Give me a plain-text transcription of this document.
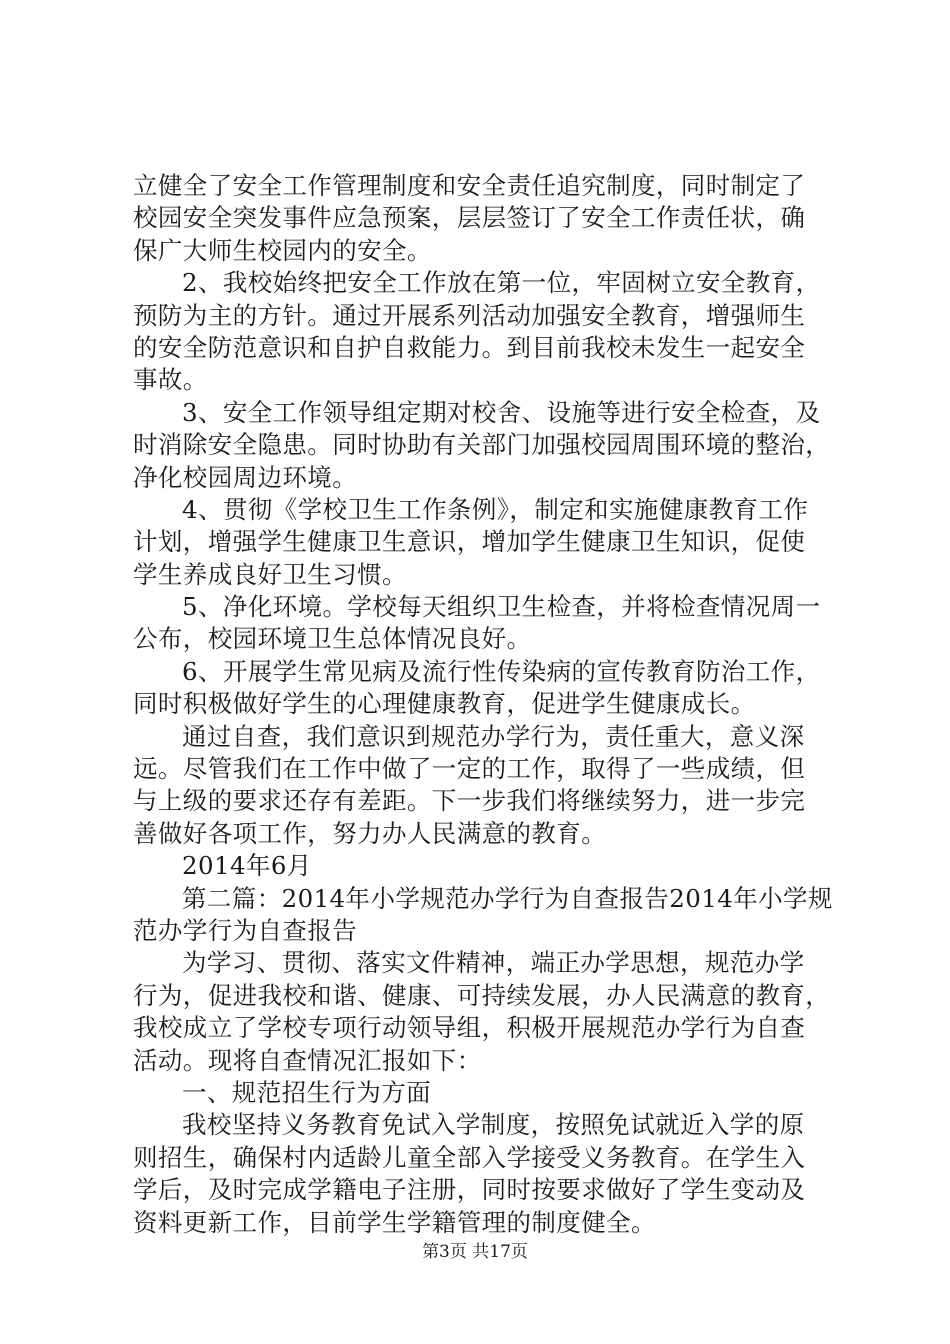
立健全了安全工作管理制度和安全责任追究制度，同时制定了
校园安全突发事件应急预案，层层签订了安全工作责任状，确
保广大师生校园内的安全。
2、我校始终把安全工作放在第一位，牢固树立安全教育，
预防为主的方针。通过开展系列活动加强安全教育，增强师生
的安全防范意识和自护自救能力。到目前我校未发生一起安全
事故。
3、安全工作领导组定期对校舍、设施等进行安全检查，及
时消除安全隐患。同时协助有关部门加强校园周围环境的整治，
净化校园周边环境。
4、贯彻《学校卫生工作条例》，制定和实施健康教育工作
计划，增强学生健康卫生意识，增加学生健康卫生知识，促使
学生养成良好卫生习惯。
5、净化环境。学校每天组织卫生检查，并将检查情况周一
公布，校园环境卫生总体情况良好。
6、开展学生常见病及流行性传染病的宣传教育防治工作，
同时积极做好学生的心理健康教育，促进学生健康成长。
通过自查，我们意识到规范办学行为，责任重大，意义深
远。尽管我们在工作中做了一定的工作，取得了一些成绩，但
与上级的要求还存有差距。下一步我们将继续努力，进一步完
善做好各项工作，努力办人民满意的教育。
2014年6月
第二篇：2014年小学规范办学行为自查报告2014年小学规
范办学行为自查报告
为学习、贯彻、落实文件精神，端正办学思想，规范办学
行为，促进我校和谐、健康、可持续发展，办人民满意的教育，
我校成立了学校专项行动领导组，积极开展规范办学行为自查
活动。现将自查情况汇报如下：
一、规范招生行为方面
我校坚持义务教育免试入学制度，按照免试就近入学的原
则招生，确保村内适龄儿童全部入学接受义务教育。在学生入
学后，及时完成学籍电子注册，同时按要求做好了学生变动及
资料更新工作，目前学生学籍管理的制度健全。
第3页 共17页
